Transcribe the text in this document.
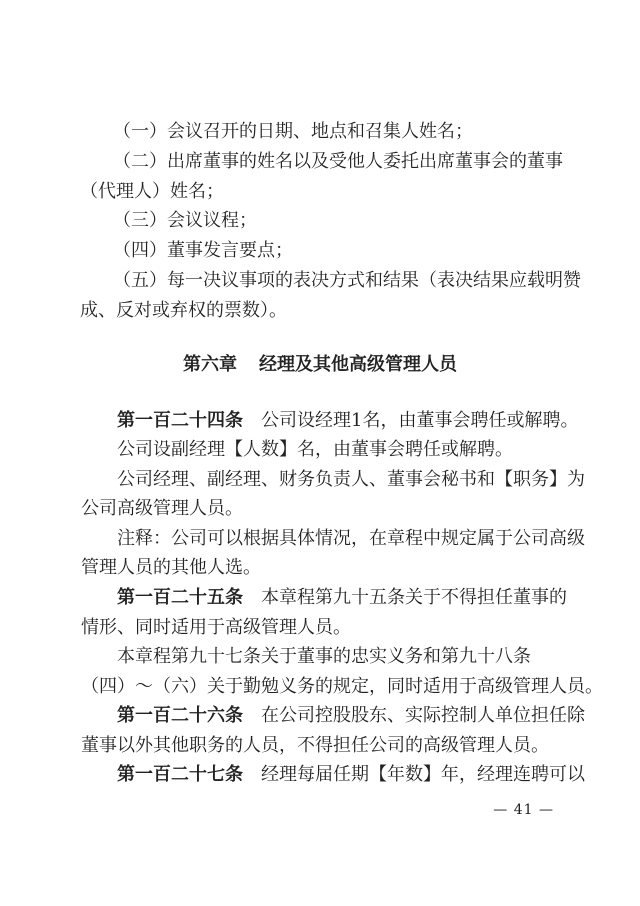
（一）会议召开的日期、地点和召集人姓名；
（二）出席董事的姓名以及受他人委托出席董事会的董事
（代理人）姓名；
（三）会议议程；
（四）董事发言要点；
（五）每一决议事项的表决方式和结果（表决结果应载明赞
成、反对或弃权的票数）。
第六章 经理及其他高级管理人员
第一百二十四条　公司设经理1名，由董事会聘任或解聘。
公司设副经理【人数】名，由董事会聘任或解聘。
公司经理、副经理、财务负责人、董事会秘书和【职务】为
公司高级管理人员。
注释：公司可以根据具体情况，在章程中规定属于公司高级
管理人员的其他人选。
第一百二十五条　本章程第九十五条关于不得担任董事的
情形、同时适用于高级管理人员。
本章程第九十七条关于董事的忠实义务和第九十八条
（四）～（六）关于勤勉义务的规定，同时适用于高级管理人员。
第一百二十六条　在公司控股股东、实际控制人单位担任除
董事以外其他职务的人员，不得担任公司的高级管理人员。
第一百二十七条　经理每届任期【年数】年，经理连聘可以
— 41 —
